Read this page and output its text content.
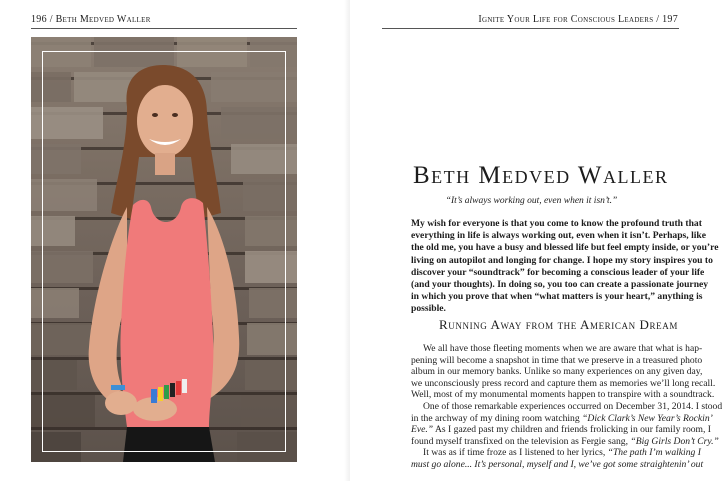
196 / Beth Medved Waller	Ignite Your Life for Conscious Leaders / 197
Beth Medved Waller
“It’s always working out, even when it isn’t.”
My wish for everyone is that you come to know the profound truth that
everything in life is always working out, even when it isn’t. Perhaps, like
the old me, you have a busy and blessed life but feel empty inside, or you’re
living on autopilot and longing for change. I hope my story inspires you to
discover your “soundtrack” for becoming a conscious leader of your life
(and your thoughts). In doing so, you too can create a passionate journey
in which you prove that when “what matters is your heart,” anything is
possible.
Running Away from the American Dream
We all have those fleeting moments when we are aware that what is hap-
pening will become a snapshot in time that we preserve in a treasured photo
album in our memory banks. Unlike so many experiences on any given day,
we unconsciously press record and capture them as memories we’ll long recall.
Well, most of my monumental moments happen to transpire with a soundtrack.
One of those remarkable experiences occurred on December 31, 2014. I stood
in the archway of my dining room watching “Dick Clark’s New Year’s Rockin’
Eve.” As I gazed past my children and friends frolicking in our family room, I
found myself transfixed on the television as Fergie sang, “Big Girls Don’t Cry.”
It was as if time froze as I listened to her lyrics, “The path I’m walking I
must go alone... It’s personal, myself and I, we’ve got some straightenin’ out
